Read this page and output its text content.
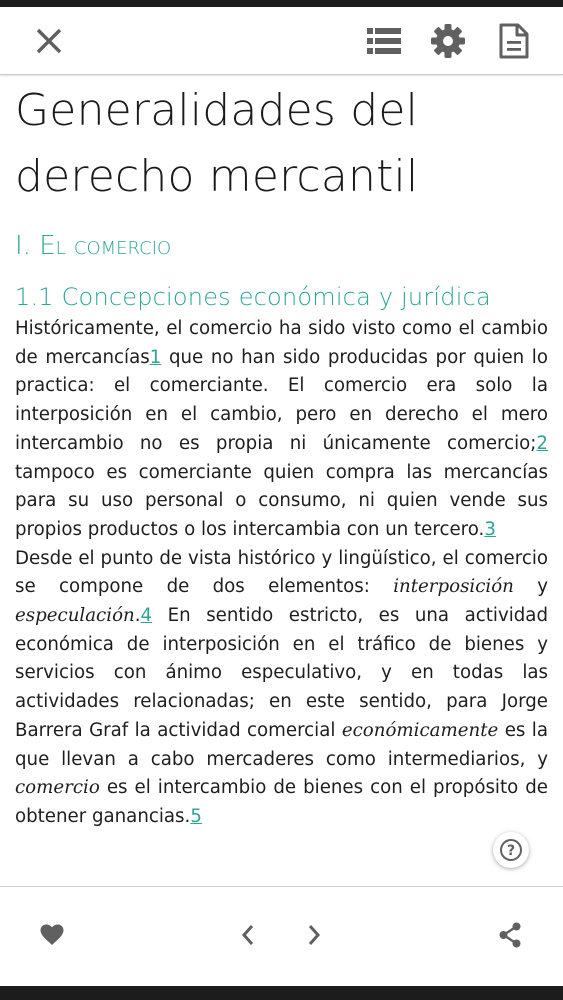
Generalidades del
derecho mercantil
I. El comercio
1.1 Concepciones económica y jurídica

Históricamente, el comercio ha sido visto como el cambio de mercancías1 que no han sido producidas por quien lo practica: el comerciante. El comercio era solo la interposición en el cambio, pero en derecho el mero intercambio no es propia ni únicamente comercio;2 tampoco es comerciante quien compra las mercancías para su uso personal o consumo, ni quien vende sus propios productos o los intercambia con un tercero.3

Desde el punto de vista histórico y lingüístico, el comercio se compone de dos elementos: interposición y especulación.4 En sentido estricto, es una actividad económica de interposición en el tráfico de bienes y servicios con ánimo especulativo, y en todas las actividades relacionadas; en este sentido, para Jorge Barrera Graf la actividad comercial económicamente es la que llevan a cabo mercaderes como intermediarios, y comercio es el intercambio de bienes con el propósito de obtener ganancias.5

?
